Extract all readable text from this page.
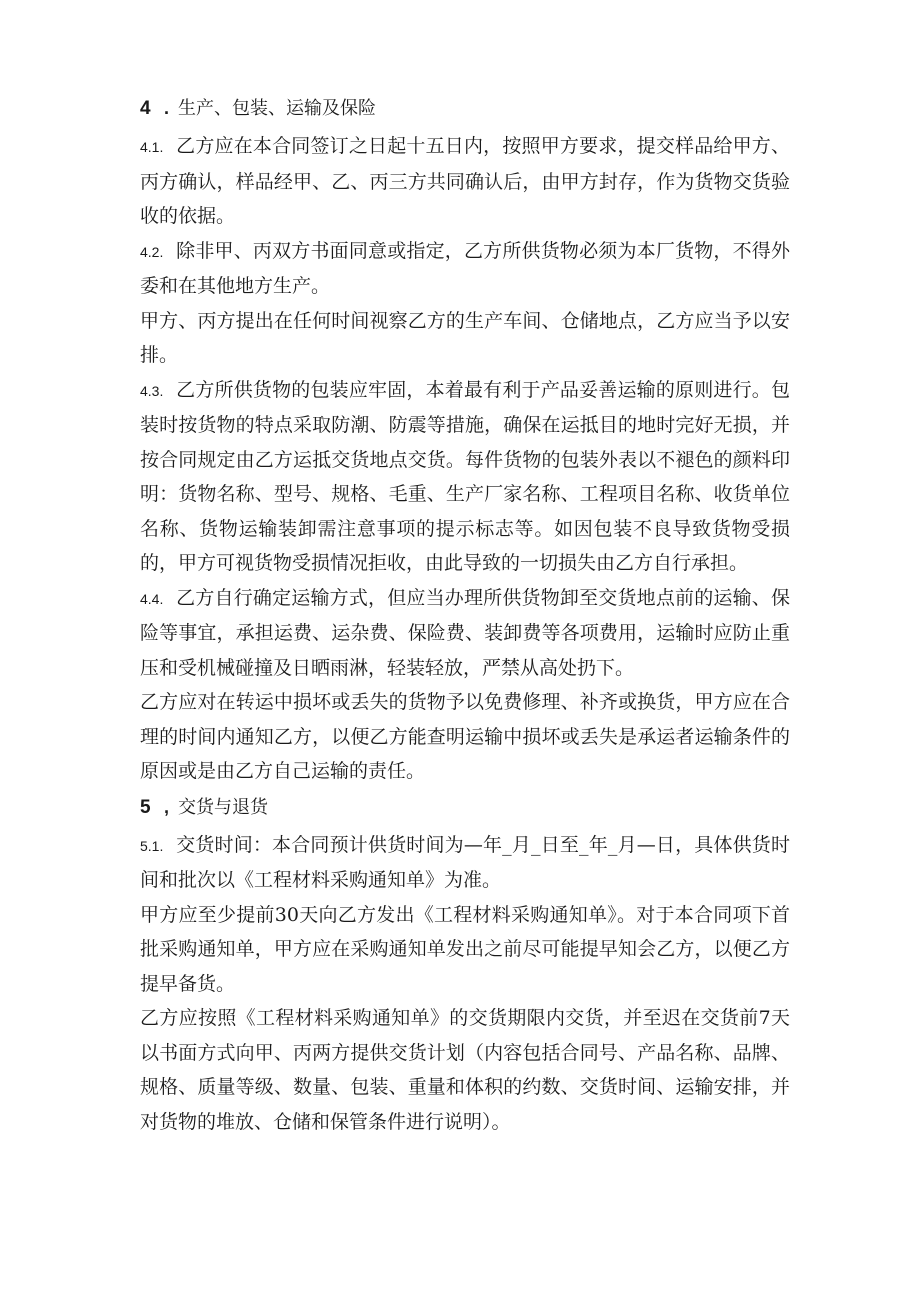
4 . 生产、包装、运输及保险

4.1. 乙方应在本合同签订之日起十五日内，按照甲方要求，提交样品给甲方、丙方确认，样品经甲、乙、丙三方共同确认后，由甲方封存，作为货物交货验收的依据。

4.2. 除非甲、丙双方书面同意或指定，乙方所供货物必须为本厂货物，不得外委和在其他地方生产。

甲方、丙方提出在任何时间视察乙方的生产车间、仓储地点，乙方应当予以安排。

4.3. 乙方所供货物的包装应牢固，本着最有利于产品妥善运输的原则进行。包装时按货物的特点采取防潮、防震等措施，确保在运抵目的地时完好无损，并按合同规定由乙方运抵交货地点交货。每件货物的包装外表以不褪色的颜料印明：货物名称、型号、规格、毛重、生产厂家名称、工程项目名称、收货单位名称、货物运输装卸需注意事项的提示标志等。如因包装不良导致货物受损的，甲方可视货物受损情况拒收，由此导致的一切损失由乙方自行承担。

4.4. 乙方自行确定运输方式，但应当办理所供货物卸至交货地点前的运输、保险等事宜，承担运费、运杂费、保险费、装卸费等各项费用，运输时应防止重压和受机械碰撞及日晒雨淋，轻装轻放，严禁从高处扔下。

乙方应对在转运中损坏或丢失的货物予以免费修理、补齐或换货，甲方应在合理的时间内通知乙方，以便乙方能查明运输中损坏或丢失是承运者运输条件的原因或是由乙方自己运输的责任。

5 , 交货与退货

5.1. 交货时间：本合同预计供货时间为—年_月_日至_年_月—日，具体供货时间和批次以《工程材料采购通知单》为准。

甲方应至少提前30天向乙方发出《工程材料采购通知单》。对于本合同项下首批采购通知单，甲方应在采购通知单发出之前尽可能提早知会乙方，以便乙方提早备货。

乙方应按照《工程材料采购通知单》的交货期限内交货，并至迟在交货前7天以书面方式向甲、丙两方提供交货计划（内容包括合同号、产品名称、品牌、规格、质量等级、数量、包装、重量和体积的约数、交货时间、运输安排，并对货物的堆放、仓储和保管条件进行说明）。
